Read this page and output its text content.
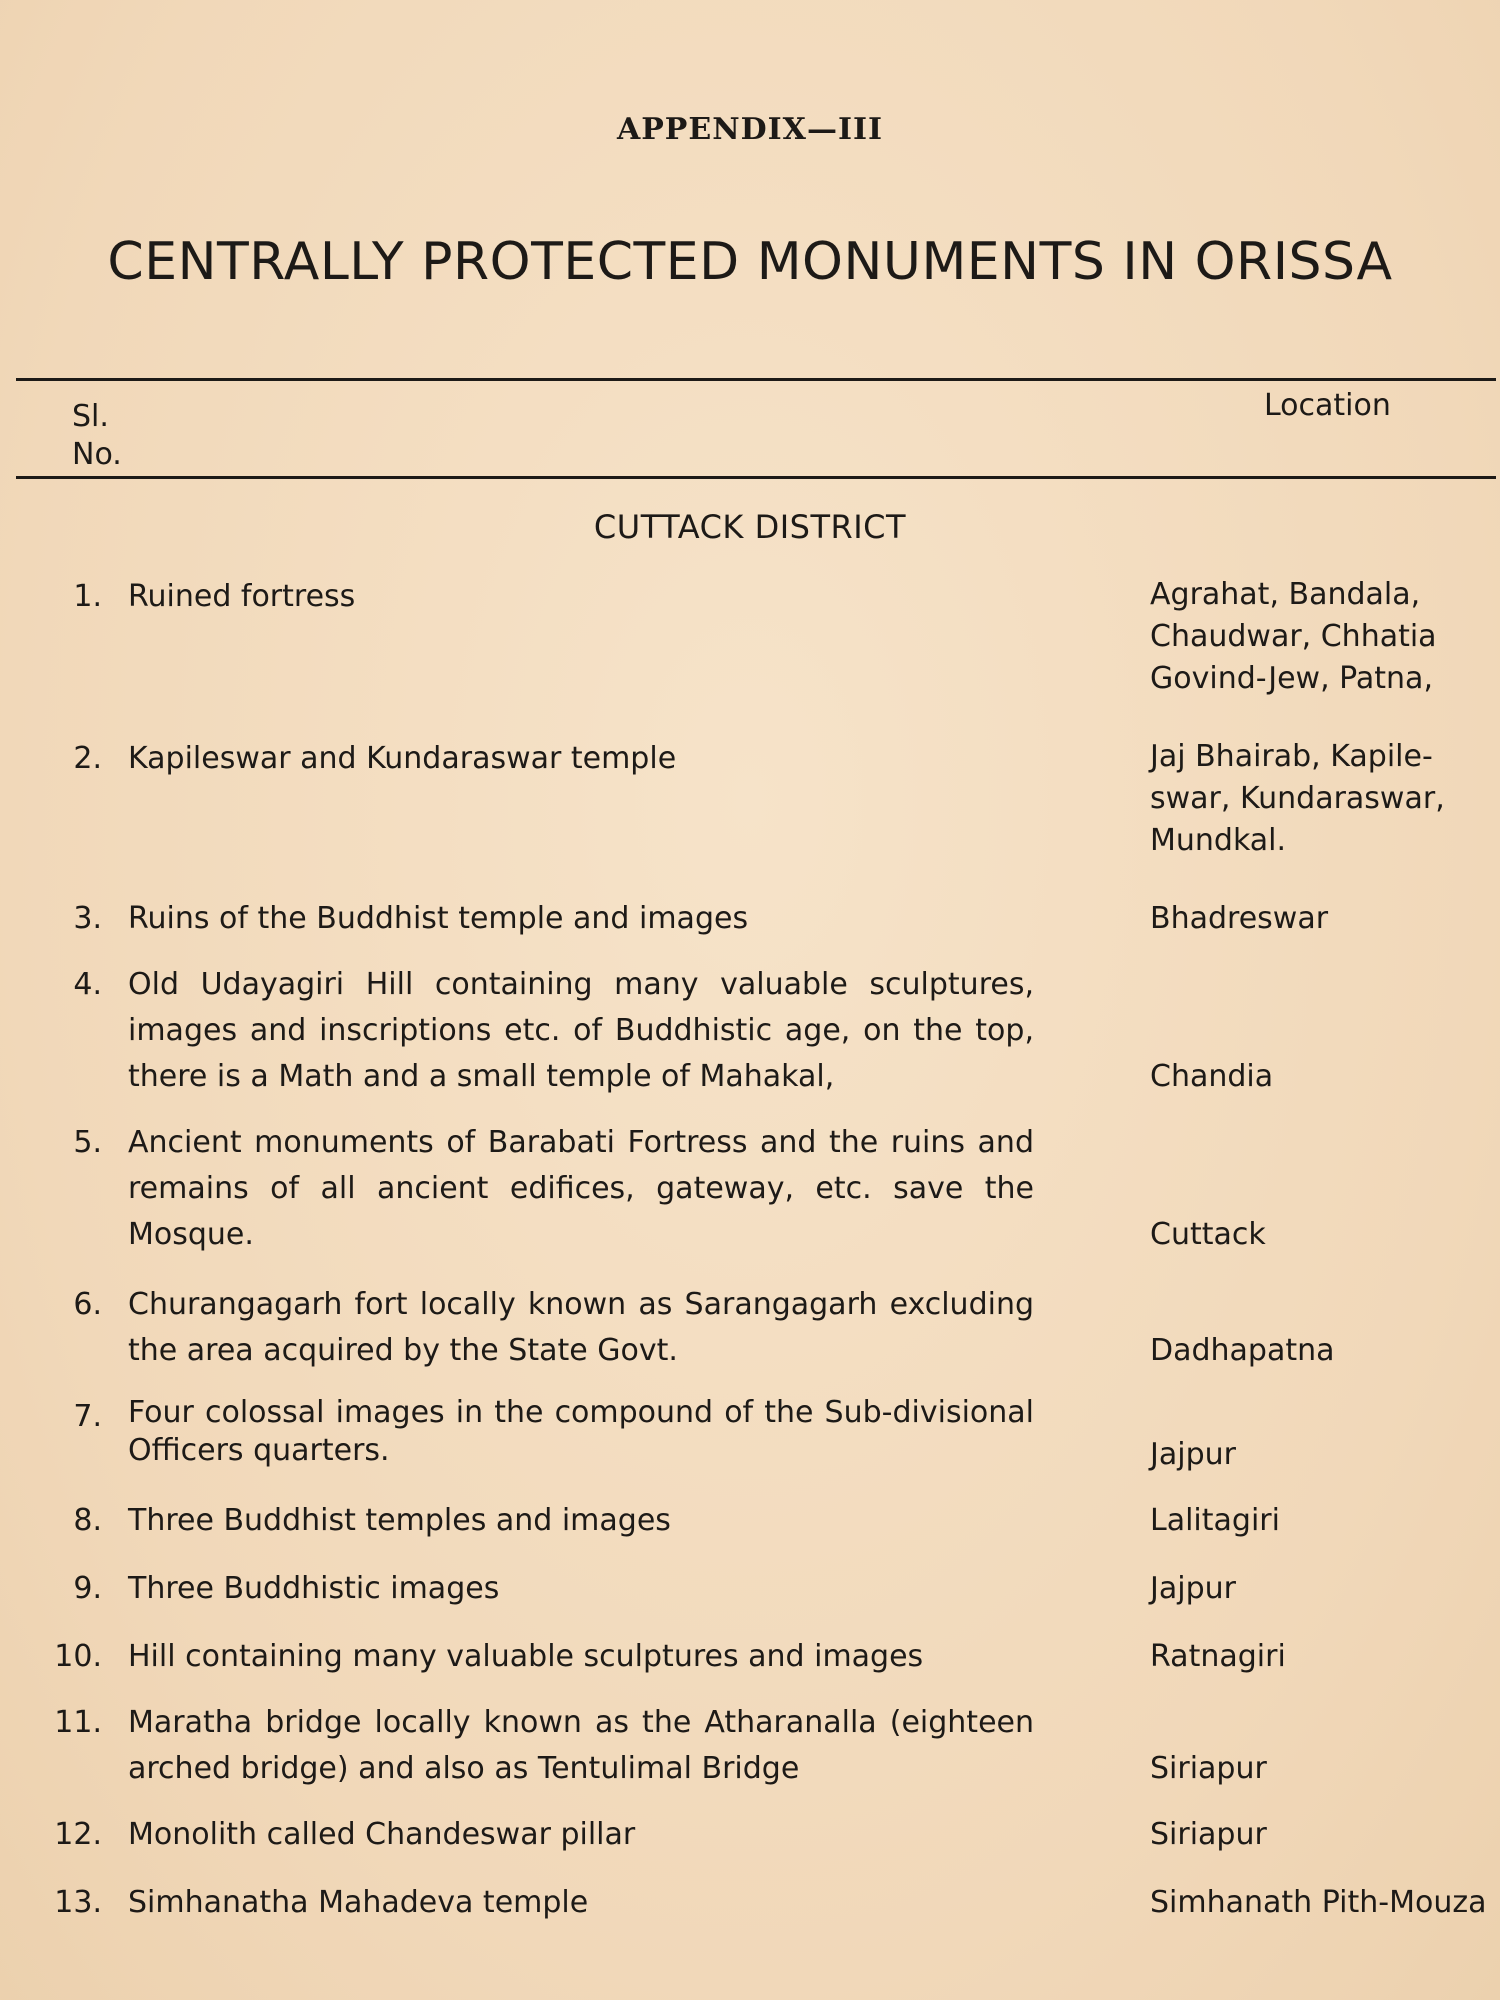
APPENDIX—III
CENTRALLY PROTECTED MONUMENTS IN ORISSA
Sl.
No.
Location
CUTTACK DISTRICT
1. Ruined fortress	Agrahat, Bandala, Chaudwar, Chhatia Govind-Jew, Patna,
2. Kapileswar and Kundaraswar temple	Jaj Bhairab, Kapile-swar, Kundaraswar, Mundkal.
3. Ruins of the Buddhist temple and images	Bhadreswar
4. Old Udayagiri Hill containing many valuable sculptures, images and inscriptions etc. of Buddhistic age, on the top, there is a Math and a small temple of Mahakal,	Chandia
5. Ancient monuments of Barabati Fortress and the ruins and remains of all ancient edifices, gateway, etc. save the Mosque.	Cuttack
6. Churangagarh fort locally known as Sarangagarh excluding the area acquired by the State Govt.	Dadhapatna
7. Four colossal images in the compound of the Sub-divisional Officers quarters.	Jajpur
8. Three Buddhist temples and images	Lalitagiri
9. Three Buddhistic images	Jajpur
10. Hill containing many valuable sculptures and images	Ratnagiri
11. Maratha bridge locally known as the Atharanalla (eighteen arched bridge) and also as Tentulimal Bridge	Siriapur
12. Monolith called Chandeswar pillar	Siriapur
13. Simhanatha Mahadeva temple	Simhanath Pith-Mouza
